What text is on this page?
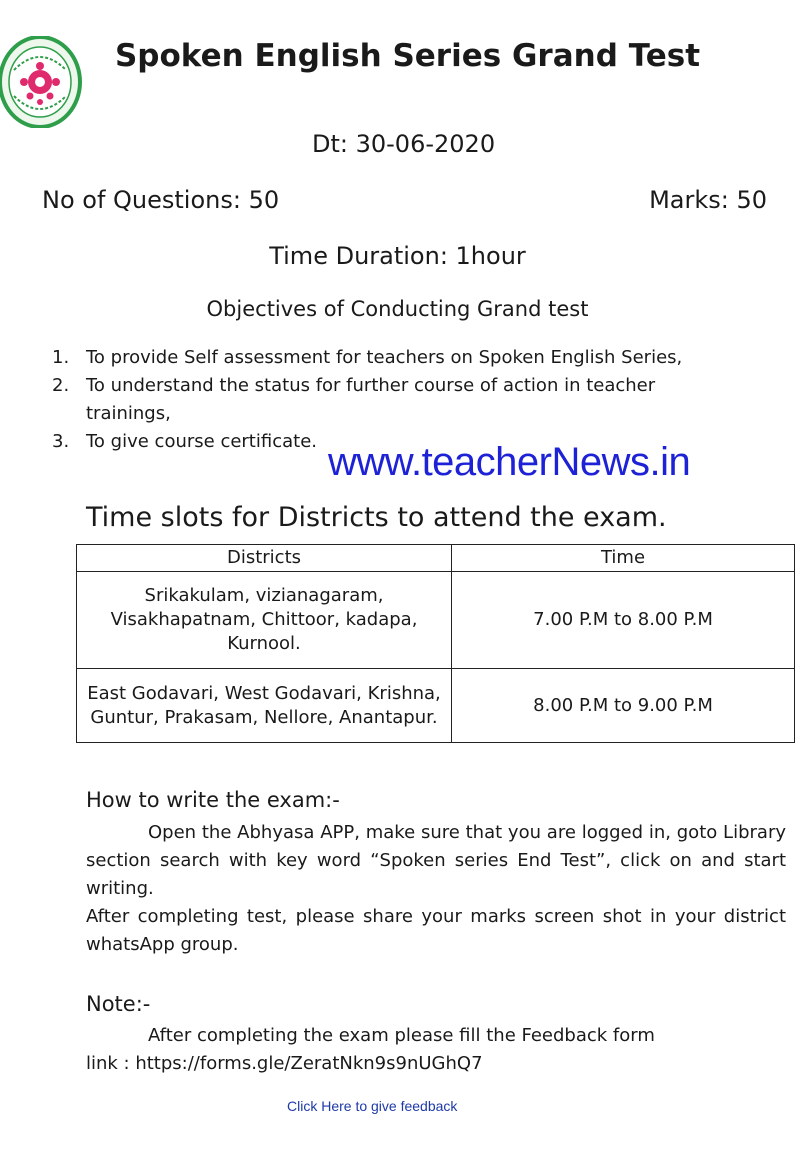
Spoken English Series Grand Test
Dt: 30-06-2020
No of Questions: 50	Marks: 50
Time Duration: 1hour
Objectives of Conducting Grand test
1. To provide Self assessment for teachers on Spoken English Series,
2. To understand the status for further course of action in teacher trainings,
3. To give course certificate. www.teacherNews.in
Time slots for Districts to attend the exam.
Districts	Time
Srikakulam, vizianagaram, Visakhapatnam, Chittoor, kadapa, Kurnool.	7.00 P.M to 8.00 P.M
East Godavari, West Godavari, Krishna, Guntur, Prakasam, Nellore, Anantapur.	8.00 P.M to 9.00 P.M
How to write the exam:-

Open the Abhyasa APP, make sure that you are logged in, goto Library section search with key word “Spoken series End Test”, click on and start writing.

After completing test, please share your marks screen shot in your district whatsApp group.

Note:-
After completing the exam please fill the Feedback form
link : https://forms.gle/ZeratNkn9s9nUGhQ7
Click Here to give feedback
